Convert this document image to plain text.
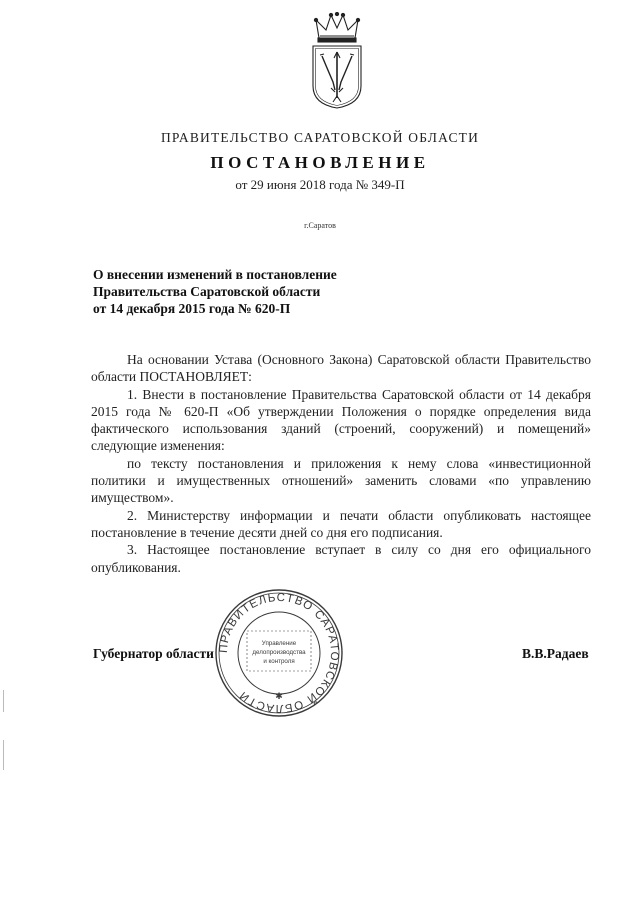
ПРАВИТЕЛЬСТВО САРАТОВСКОЙ ОБЛАСТИ
ПОСТАНОВЛЕНИЕ
от 29 июня 2018 года № 349-П
г.Саратов
О внесении изменений в постановление
Правительства Саратовской области
от 14 декабря 2015 года № 620-П

На основании Устава (Основного Закона) Саратовской области Правительство области ПОСТАНОВЛЯЕТ:

1. Внести в постановление Правительства Саратовской области от 14 декабря 2015 года № 620-П «Об утверждении Положения о порядке определения вида фактического использования зданий (строений, сооружений) и помещений» следующие изменения:

по тексту постановления и приложения к нему слова «инвестиционной политики и имущественных отношений» заменить словами «по управлению имуществом».

2. Министерству информации и печати области опубликовать настоящее постановление в течение десяти дней со дня его подписания.

3. Настоящее постановление вступает в силу со дня его официального опубликования.

Губернатор области	В.В.Радаев
ПРАВИТЕЛЬСТВО САРАТОВСКОЙ ОБЛАСТИ
Управление
делопроизводства
и контроля
✱
